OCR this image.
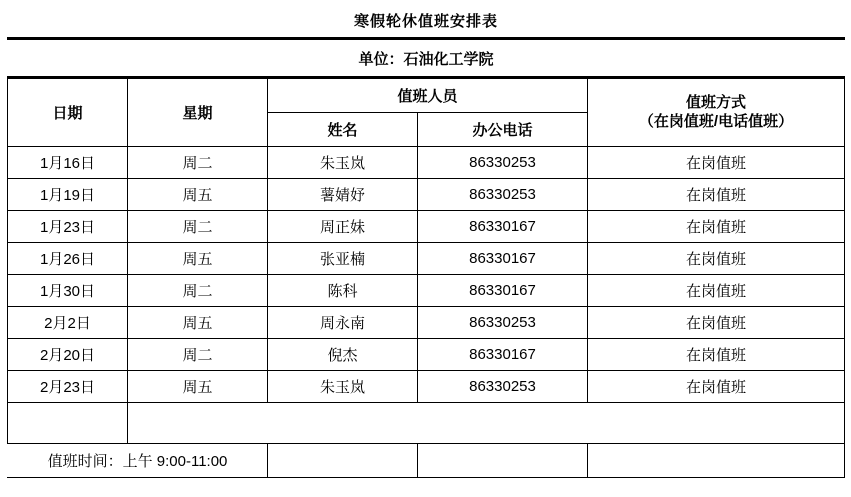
寒假轮休值班安排表				
单位：石油化工学院				
日期	星期	值班人员		值班方式
（在岗值班/电话值班）

		姓名	办公电话	
1月16日	周二	朱玉岚	86330253	在岗值班
1月19日	周五	薯婧妤	86330253	在岗值班
1月23日	周二	周正妹	86330167	在岗值班
1月26日	周五	张亚楠	86330167	在岗值班
1月30日	周二	陈科	86330167	在岗值班
2月2日	周五	周永南	86330253	在岗值班
2月20日	周二	倪杰	86330167	在岗值班
2月23日	周五	朱玉岚	86330253	在岗值班

值班时间：上午 9:00-11:00				
